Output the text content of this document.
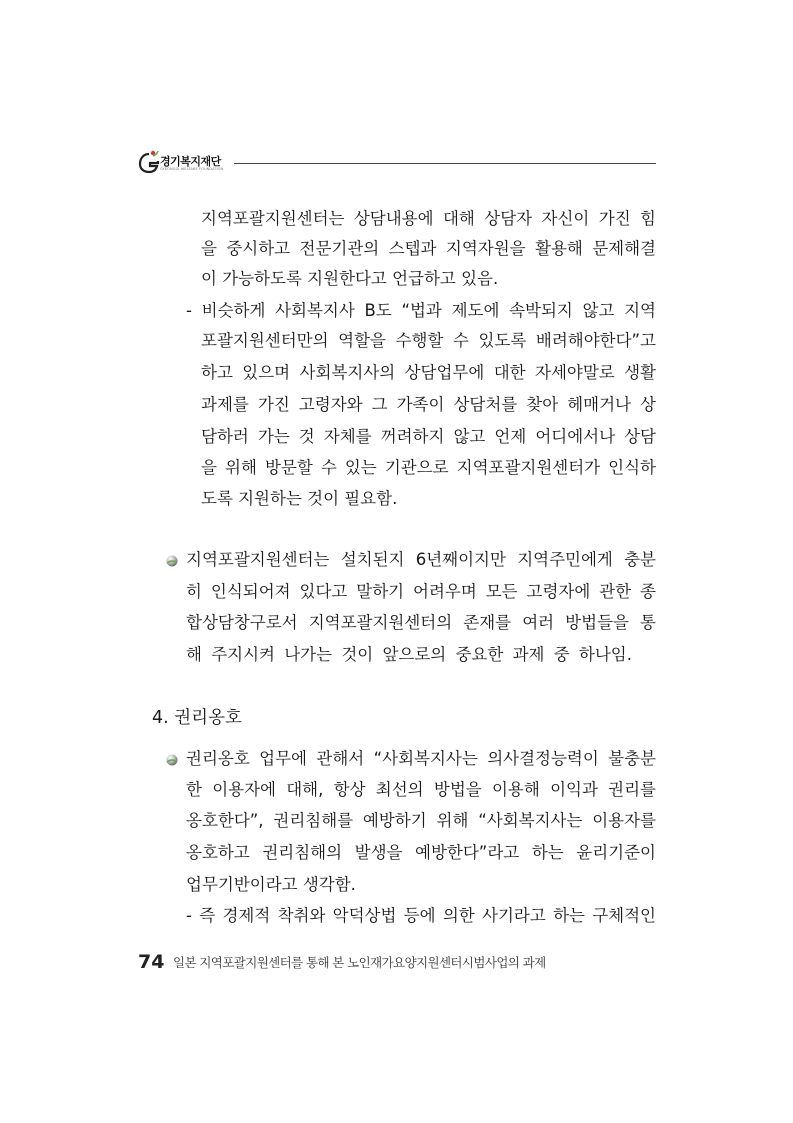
경기복지재단
GYEONGGI WELFARE FOUNDATION
지역포괄지원센터는 상담내용에 대해 상담자 자신이 가진 힘
을 중시하고 전문기관의 스텝과 지역자원을 활용해 문제해결
이 가능하도록 지원한다고 언급하고 있음.
- 비슷하게 사회복지사 B도 “법과 제도에 속박되지 않고 지역
포괄지원센터만의 역할을 수행할 수 있도록 배려해야한다”고
하고 있으며 사회복지사의 상담업무에 대한 자세야말로 생활
과제를 가진 고령자와 그 가족이 상담처를 찾아 헤매거나 상
담하러 가는 것 자체를 꺼려하지 않고 언제 어디에서나 상담
을 위해 방문할 수 있는 기관으로 지역포괄지원센터가 인식하
도록 지원하는 것이 필요함.
지역포괄지원센터는 설치된지 6년째이지만 지역주민에게 충분
히 인식되어져 있다고 말하기 어려우며 모든 고령자에 관한 종
합상담창구로서 지역포괄지원센터의 존재를 여러 방법들을 통
해 주지시켜 나가는 것이 앞으로의 중요한 과제 중 하나임.
4. 권리옹호
권리옹호 업무에 관해서 “사회복지사는 의사결정능력이 불충분
한 이용자에 대해, 항상 최선의 방법을 이용해 이익과 권리를
옹호한다”, 권리침해를 예방하기 위해 “사회복지사는 이용자를
옹호하고 권리침해의 발생을 예방한다”라고 하는 윤리기준이
업무기반이라고 생각함.
- 즉 경제적 착취와 악덕상법 등에 의한 사기라고 하는 구체적인
74 일본 지역포괄지원센터를 통해 본 노인재가요양지원센터시범사업의 과제
